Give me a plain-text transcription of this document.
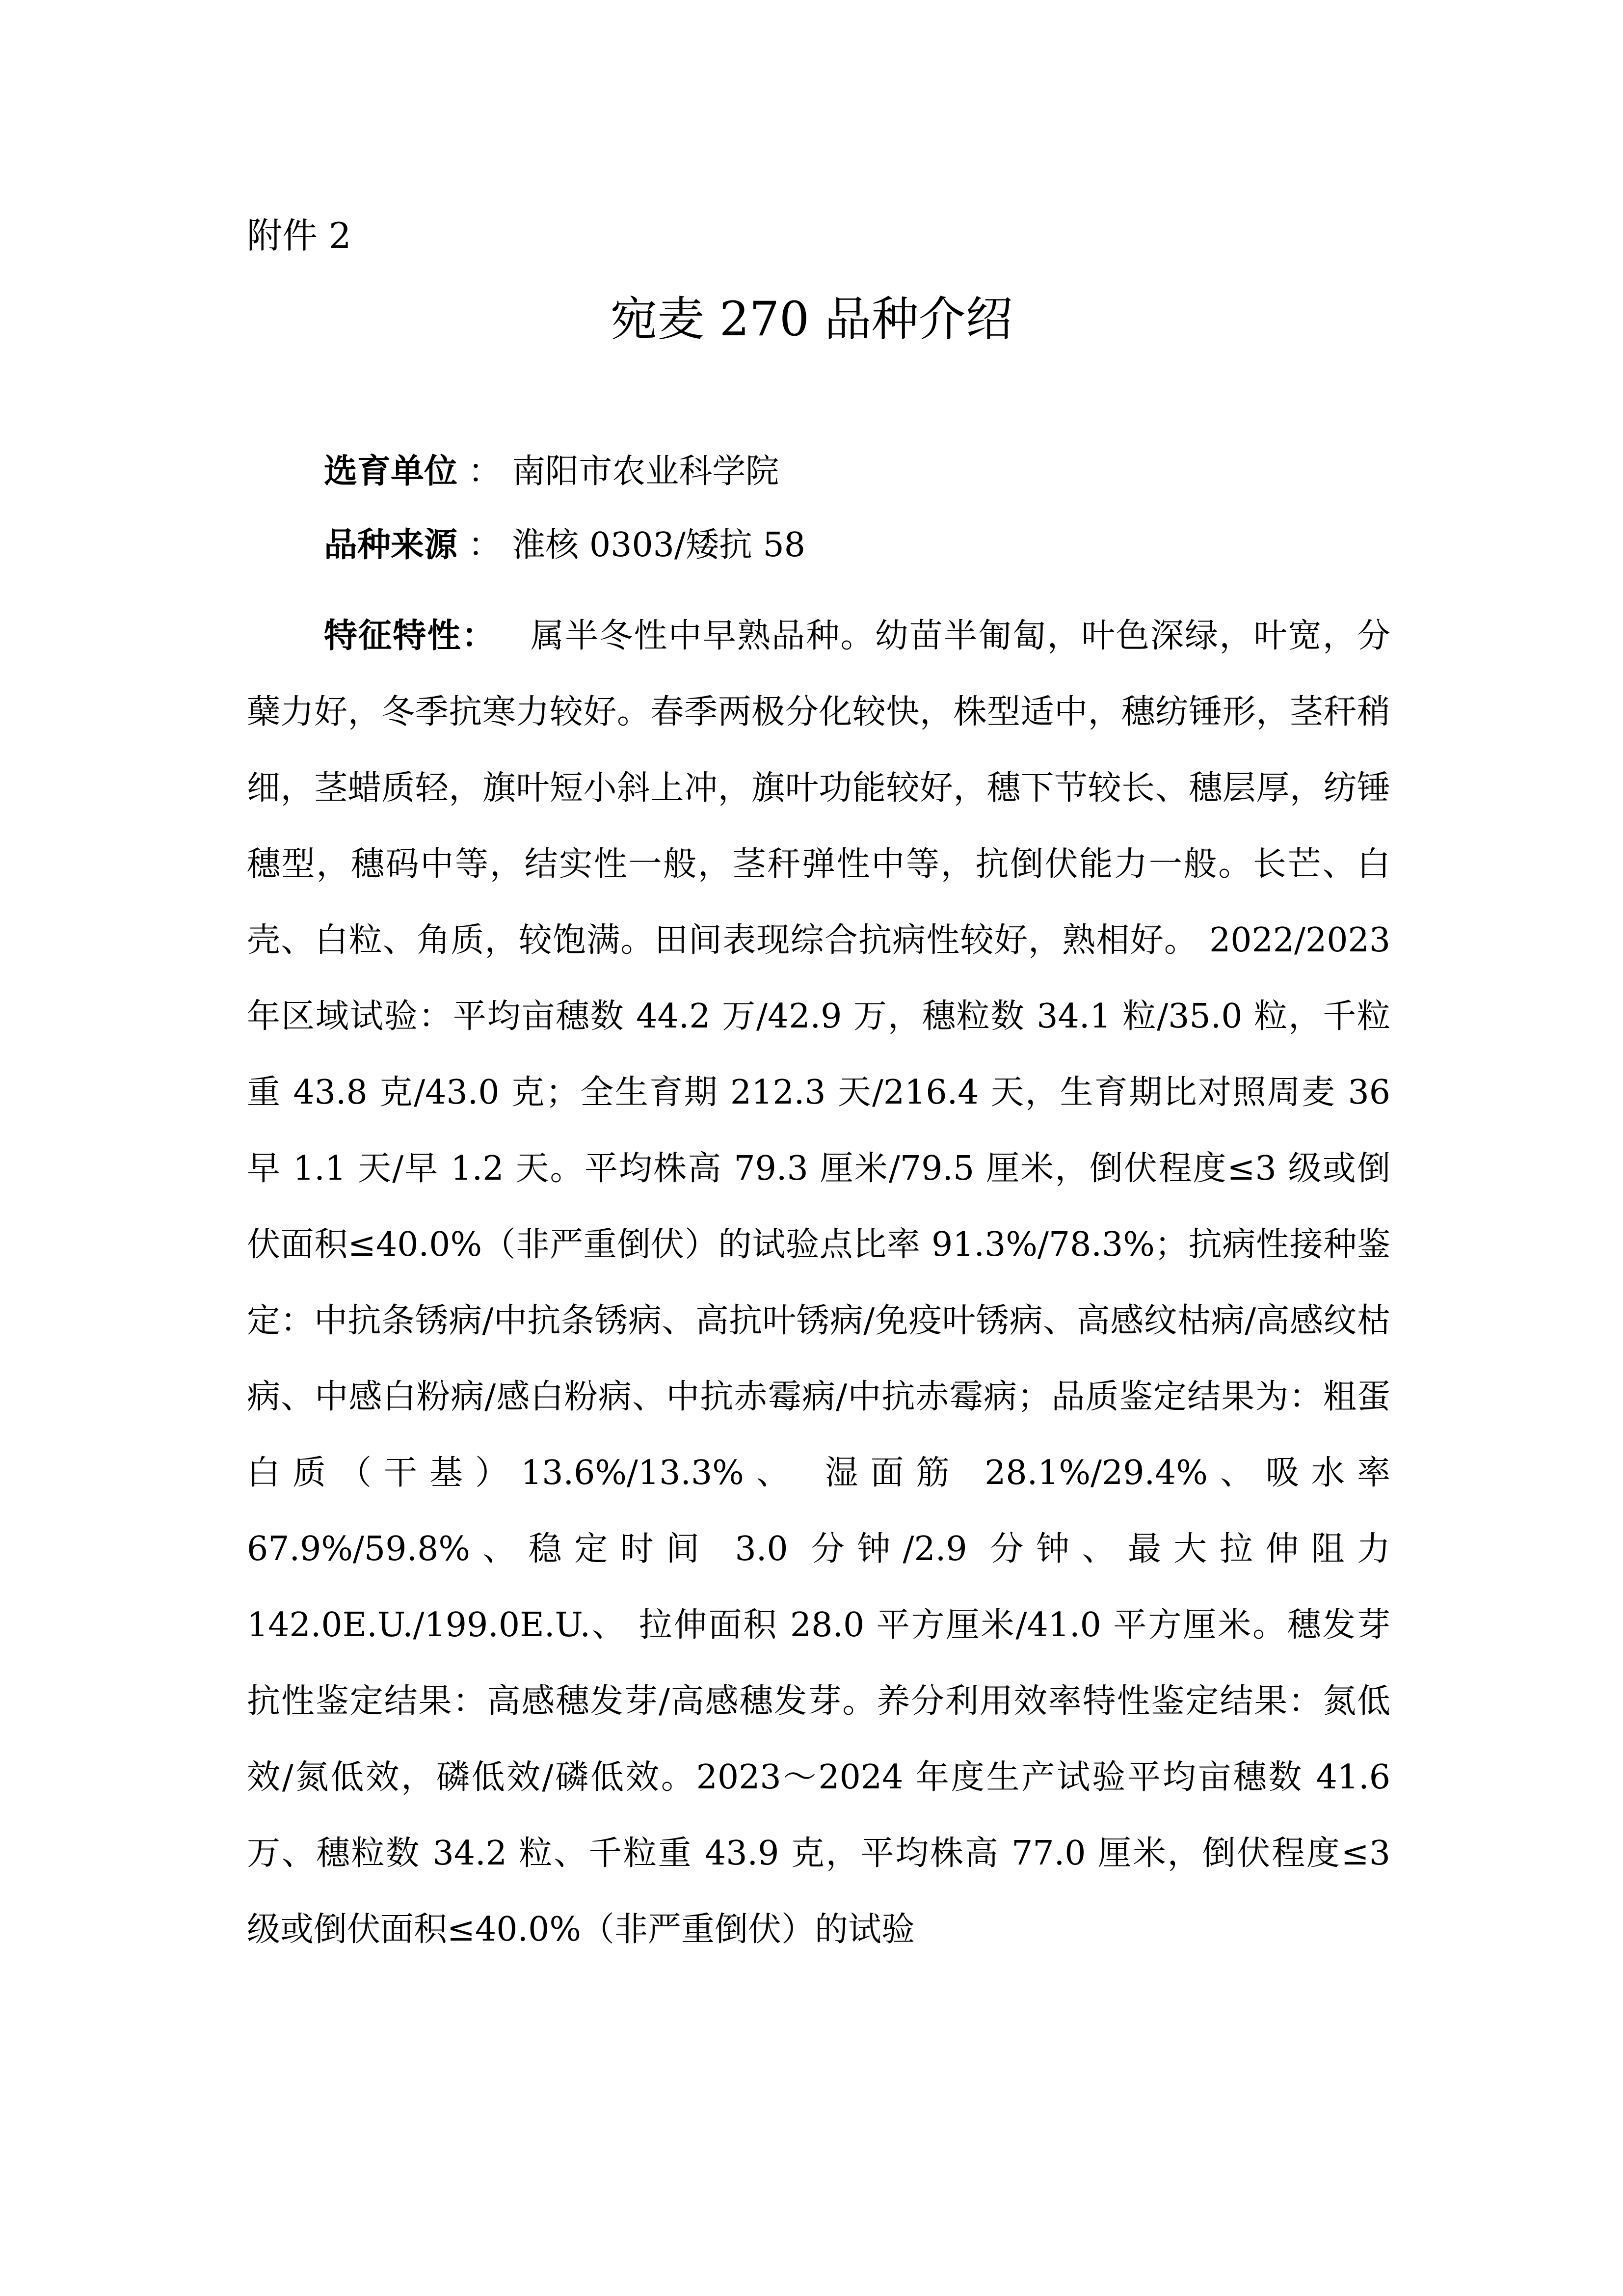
附件 2
宛麦 270 品种介绍
选育单位 ： 南阳市农业科学院
品种来源 ： 淮核 0303/矮抗 58
特征特性：  属半冬性中早熟品种。幼苗半匍匐，叶色深绿，叶宽，分蘖力好，冬季抗寒力较好。春季两极分化较快，株型适中，穗纺锤形，茎秆稍细，茎蜡质轻，旗叶短小斜上冲，旗叶功能较好，穗下节较长、穗层厚，纺锤穗型，穗码中等，结实性一般，茎秆弹性中等，抗倒伏能力一般。长芒、白壳、白粒、角质，较饱满。田间表现综合抗病性较好，熟相好。 2022/2023 年区域试验：平均亩穗数 44.2 万/42.9 万，穗粒数 34.1 粒/35.0 粒，千粒重 43.8 克/43.0 克；全生育期 212.3 天/216.4 天，生育期比对照周麦 36 早 1.1 天/早 1.2 天。平均株高 79.3 厘米/79.5 厘米，倒伏程度≤3 级或倒伏面积≤40.0%（非严重倒伏）的试验点比率 91.3%/78.3%；抗病性接种鉴定：中抗条锈病/中抗条锈病、高抗叶锈病/免疫叶锈病、高感纹枯病/高感纹枯病、中感白粉病/感白粉病、中抗赤霉病/中抗赤霉病；品质鉴定结果为：粗蛋白质（干基）13.6%/13.3%、 湿面筋 28.1%/29.4%、吸水率 67.9%/59.8%、稳定时间 3.0 分钟/2.9 分钟、最大拉伸阻力 142.0E.U./199.0E.U.、 拉伸面积 28.0 平方厘米/41.0 平方厘米。穗发芽抗性鉴定结果：高感穗发芽/高感穗发芽。养分利用效率特性鉴定结果：氮低效/氮低效，磷低效/磷低效。2023～2024 年度生产试验平均亩穗数 41.6 万、穗粒数 34.2 粒、千粒重 43.9 克，平均株高 77.0 厘米，倒伏程度≤3 级或倒伏面积≤40.0%（非严重倒伏）的试验
